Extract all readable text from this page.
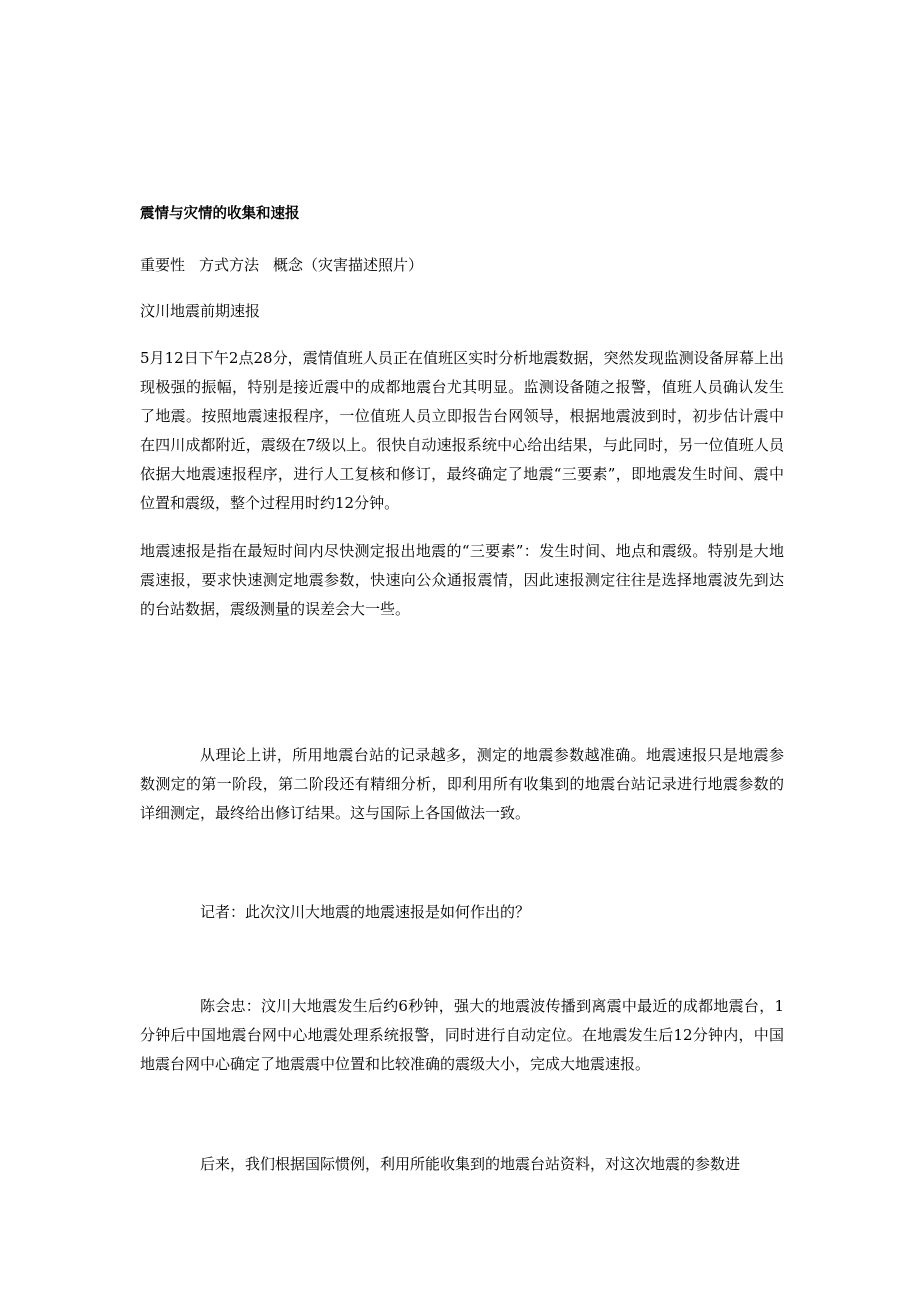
震情与灾情的收集和速报

重要性 方式方法 概念（灾害描述照片）

汶川地震前期速报

5月12日下午2点28分，震情值班人员正在值班区实时分析地震数据，突然发现监测设备屏幕上出现极强的振幅，特别是接近震中的成都地震台尤其明显。监测设备随之报警，值班人员确认发生了地震。按照地震速报程序，一位值班人员立即报告台网领导，根据地震波到时，初步估计震中在四川成都附近，震级在7级以上。很快自动速报系统中心给出结果，与此同时，另一位值班人员依据大地震速报程序，进行人工复核和修订，最终确定了地震“三要素”，即地震发生时间、震中位置和震级，整个过程用时约12分钟。

地震速报是指在最短时间内尽快测定报出地震的“三要素”：发生时间、地点和震级。特别是大地震速报，要求快速测定地震参数，快速向公众通报震情，因此速报测定往往是选择地震波先到达的台站数据，震级测量的误差会大一些。

从理论上讲，所用地震台站的记录越多，测定的地震参数越准确。地震速报只是地震参数测定的第一阶段，第二阶段还有精细分析，即利用所有收集到的地震台站记录进行地震参数的详细测定，最终给出修订结果。这与国际上各国做法一致。

记者：此次汶川大地震的地震速报是如何作出的？

陈会忠：汶川大地震发生后约6秒钟，强大的地震波传播到离震中最近的成都地震台，1分钟后中国地震台网中心地震处理系统报警，同时进行自动定位。在地震发生后12分钟内，中国地震台网中心确定了地震震中位置和比较准确的震级大小，完成大地震速报。

后来，我们根据国际惯例，利用所能收集到的地震台站资料，对这次地震的参数进
